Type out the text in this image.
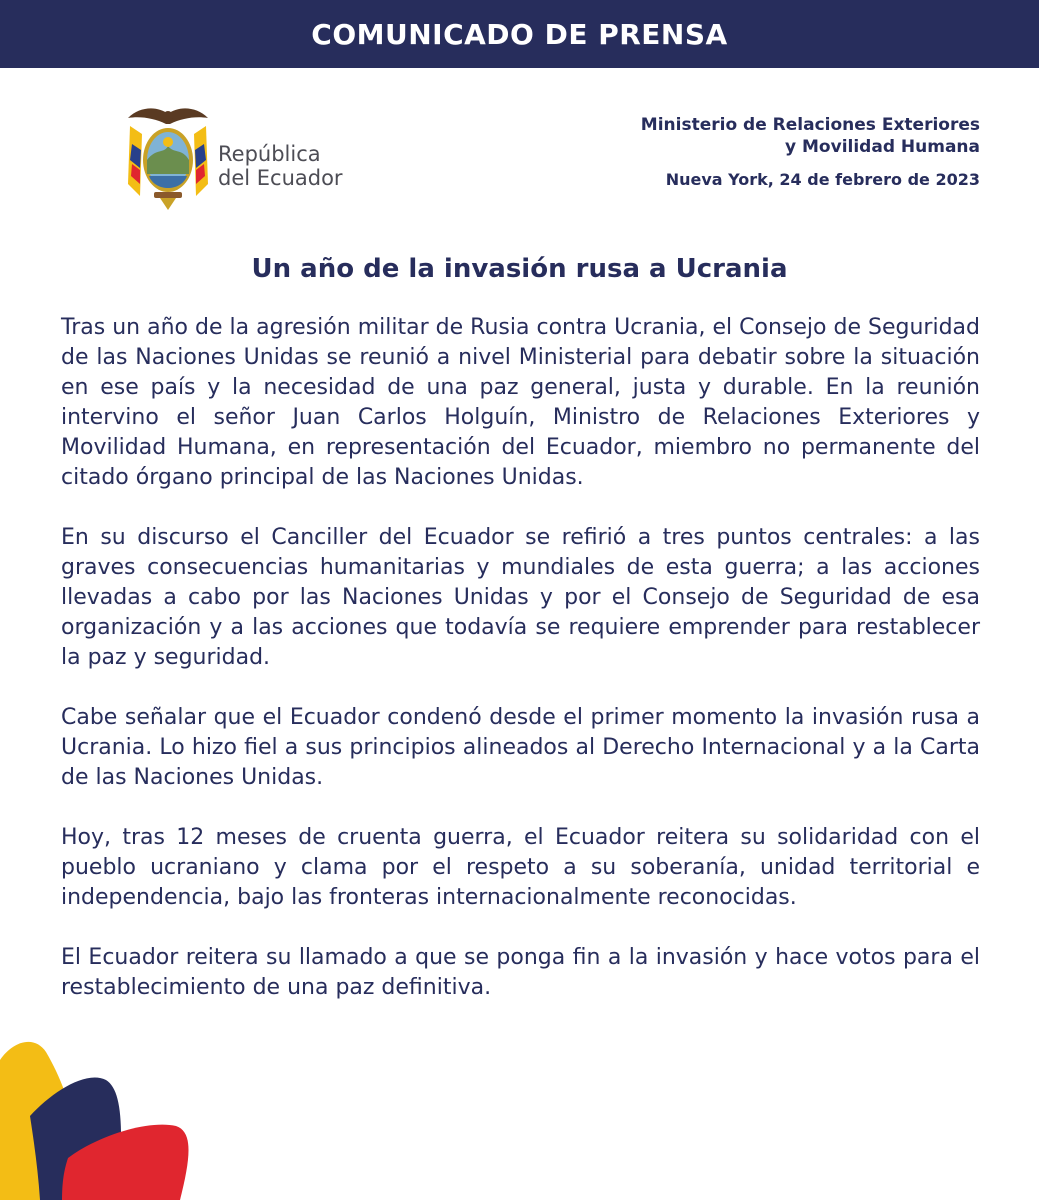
COMUNICADO DE PRENSA
República
del Ecuador
Ministerio de Relaciones Exteriores
y Movilidad Humana
Nueva York, 24 de febrero de 2023
Un año de la invasión rusa a Ucrania

Tras un año de la agresión militar de Rusia contra Ucrania, el Consejo de Seguridad de las Naciones Unidas se reunió a nivel Ministerial para debatir sobre la situación en ese país y la necesidad de una paz general, justa y durable. En la reunión intervino el señor Juan Carlos Holguín, Ministro de Relaciones Exteriores y Movilidad Humana, en representación del Ecuador, miembro no permanente del citado órgano principal de las Naciones Unidas.

En su discurso el Canciller del Ecuador se refirió a tres puntos centrales: a las graves consecuencias humanitarias y mundiales de esta guerra; a las acciones llevadas a cabo por las Naciones Unidas y por el Consejo de Seguridad de esa organización y a las acciones que todavía se requiere emprender para restablecer la paz y seguridad.

Cabe señalar que el Ecuador condenó desde el primer momento la invasión rusa a Ucrania. Lo hizo fiel a sus principios alineados al Derecho Internacional y a la Carta de las Naciones Unidas.

Hoy, tras 12 meses de cruenta guerra, el Ecuador reitera su solidaridad con el pueblo ucraniano y clama por el respeto a su soberanía, unidad territorial e independencia, bajo las fronteras internacionalmente reconocidas.

El Ecuador reitera su llamado a que se ponga fin a la invasión y hace votos para el restablecimiento de una paz definitiva.
